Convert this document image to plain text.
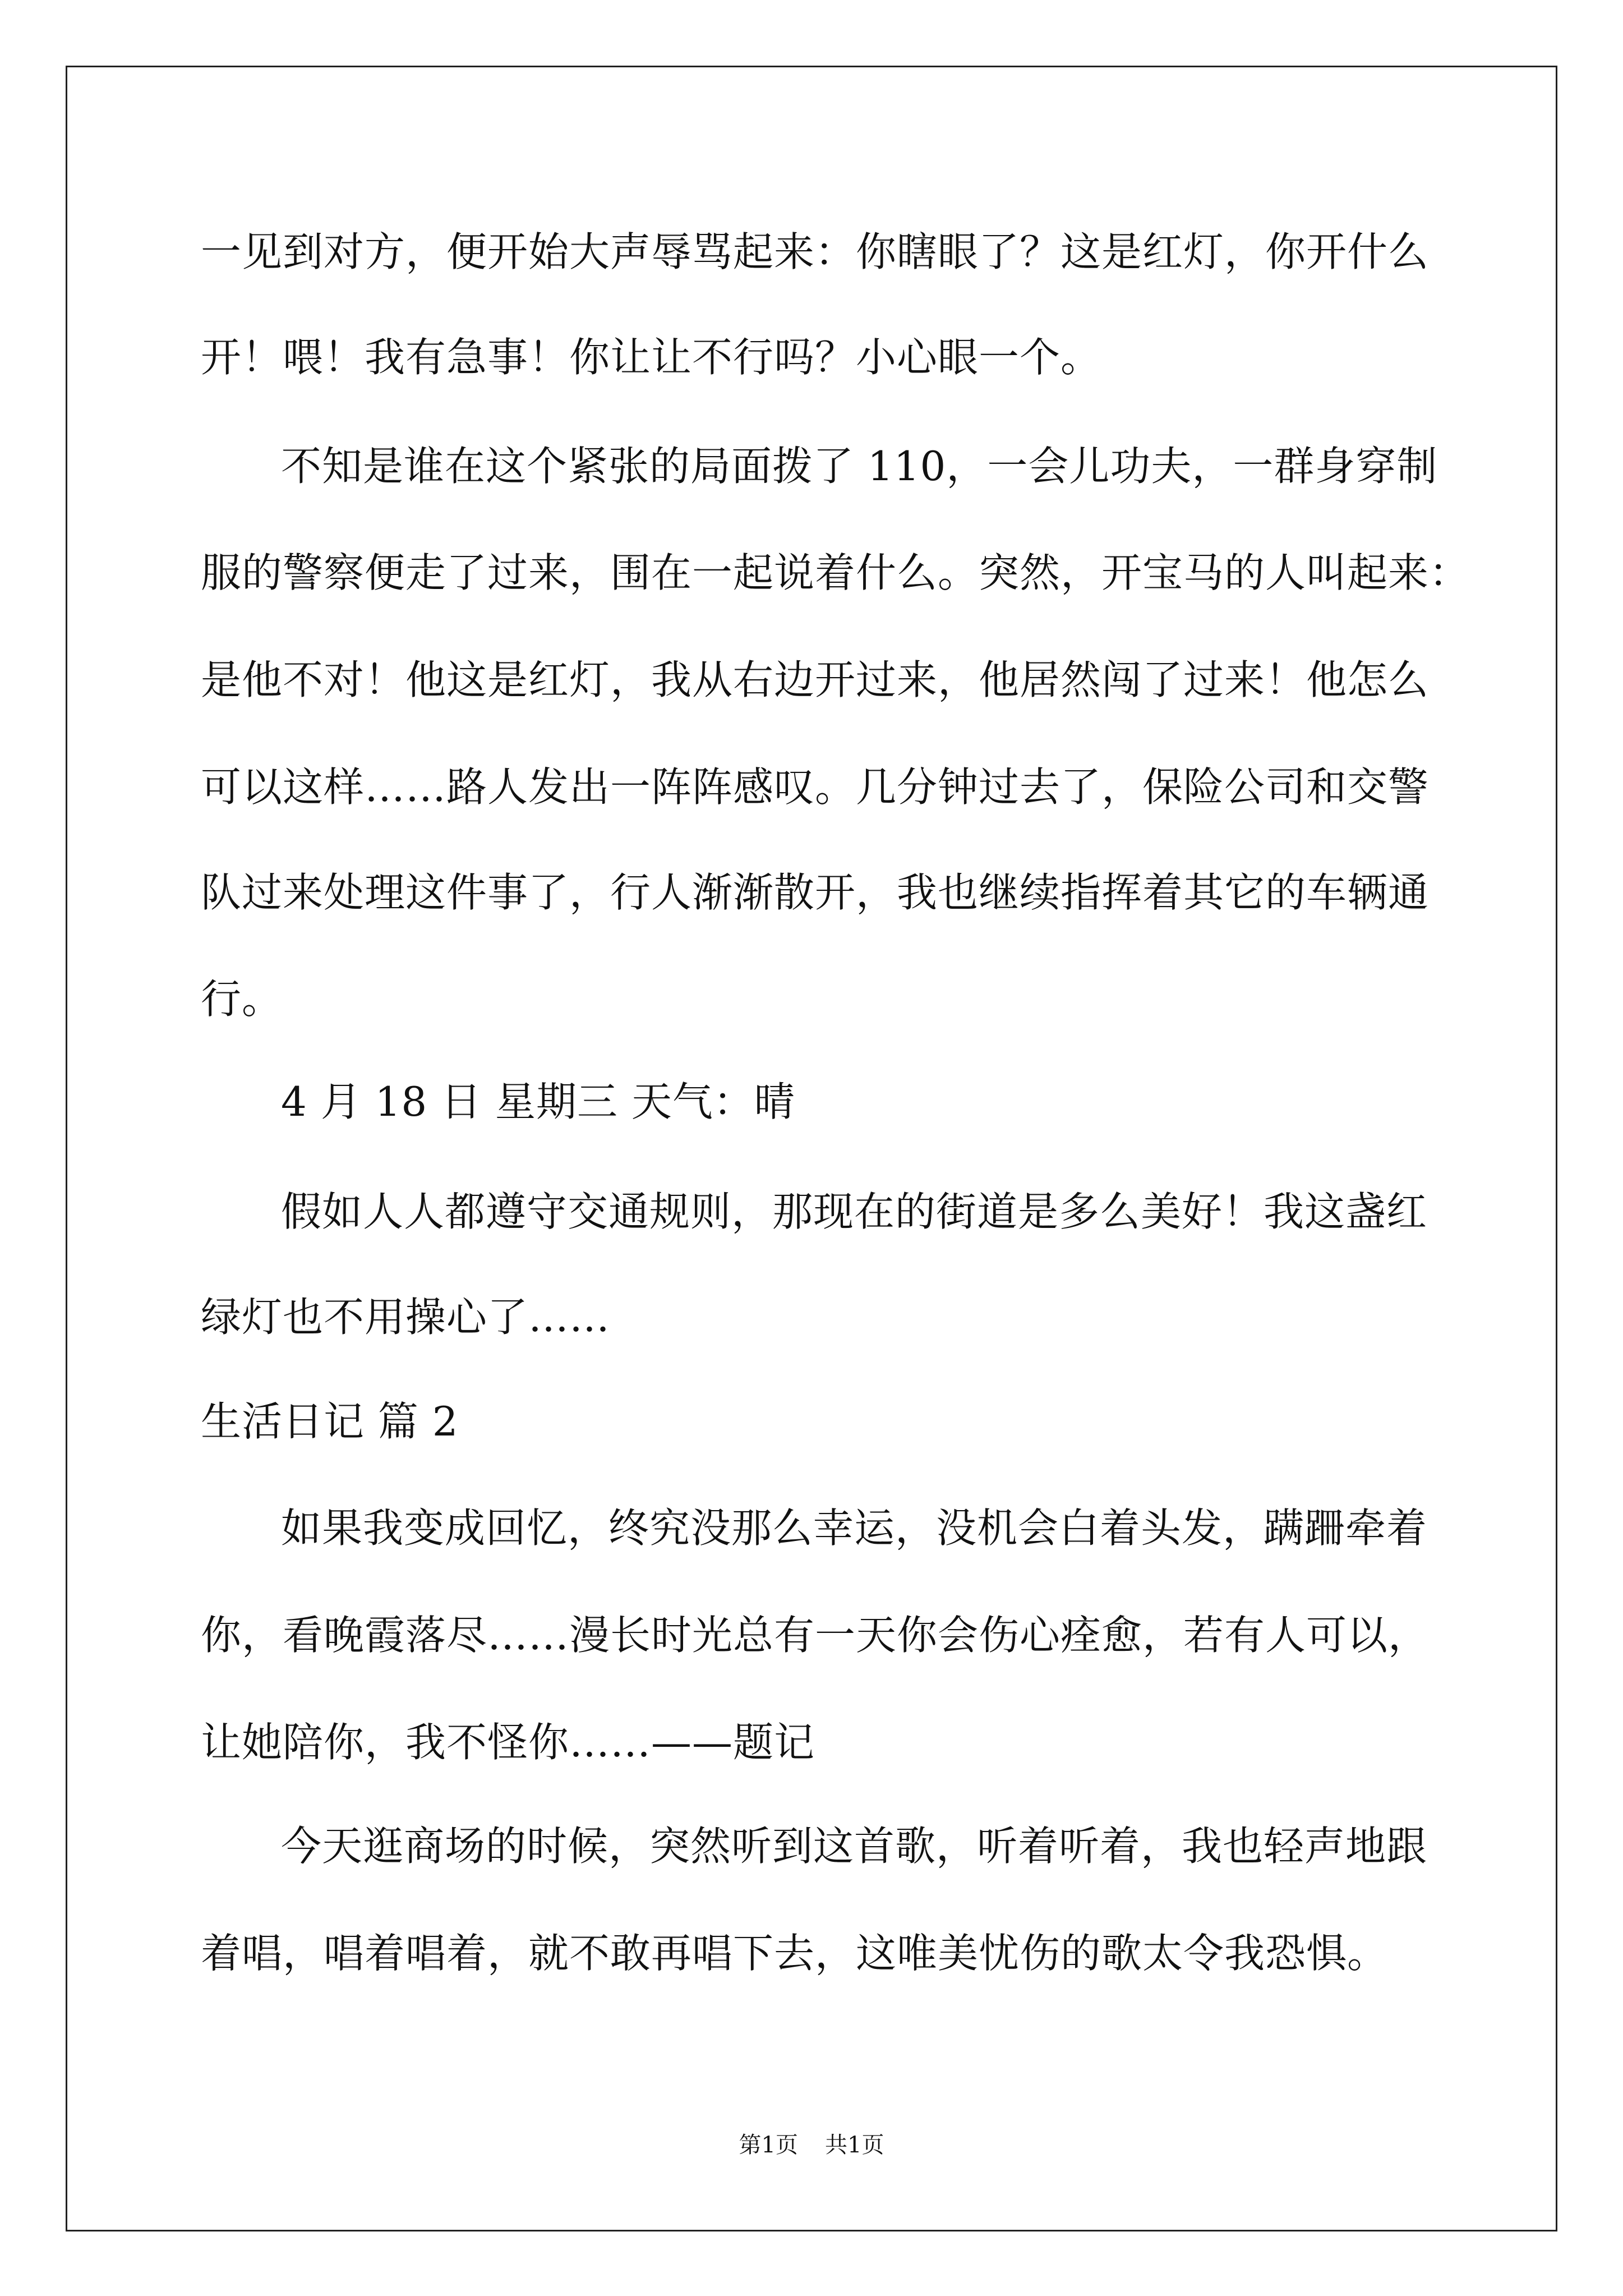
一见到对方，便开始大声辱骂起来：你瞎眼了？这是红灯，你开什么
开！喂！我有急事！你让让不行吗？小心眼一个。
不知是谁在这个紧张的局面拨了 110，一会儿功夫，一群身穿制
服的警察便走了过来，围在一起说着什么。突然，开宝马的人叫起来：
是他不对！他这是红灯，我从右边开过来，他居然闯了过来！他怎么
可以这样……路人发出一阵阵感叹。几分钟过去了，保险公司和交警
队过来处理这件事了，行人渐渐散开，我也继续指挥着其它的车辆通
行。
4 月 18 日 星期三 天气：晴
假如人人都遵守交通规则，那现在的街道是多么美好！我这盏红
绿灯也不用操心了……
生活日记 篇 2
如果我变成回忆，终究没那么幸运，没机会白着头发，蹒跚牵着
你，看晚霞落尽……漫长时光总有一天你会伤心痊愈，若有人可以，
让她陪你，我不怪你……——题记
今天逛商场的时候，突然听到这首歌，听着听着，我也轻声地跟
着唱，唱着唱着，就不敢再唱下去，这唯美忧伤的歌太令我恐惧。
第1页 共1页
